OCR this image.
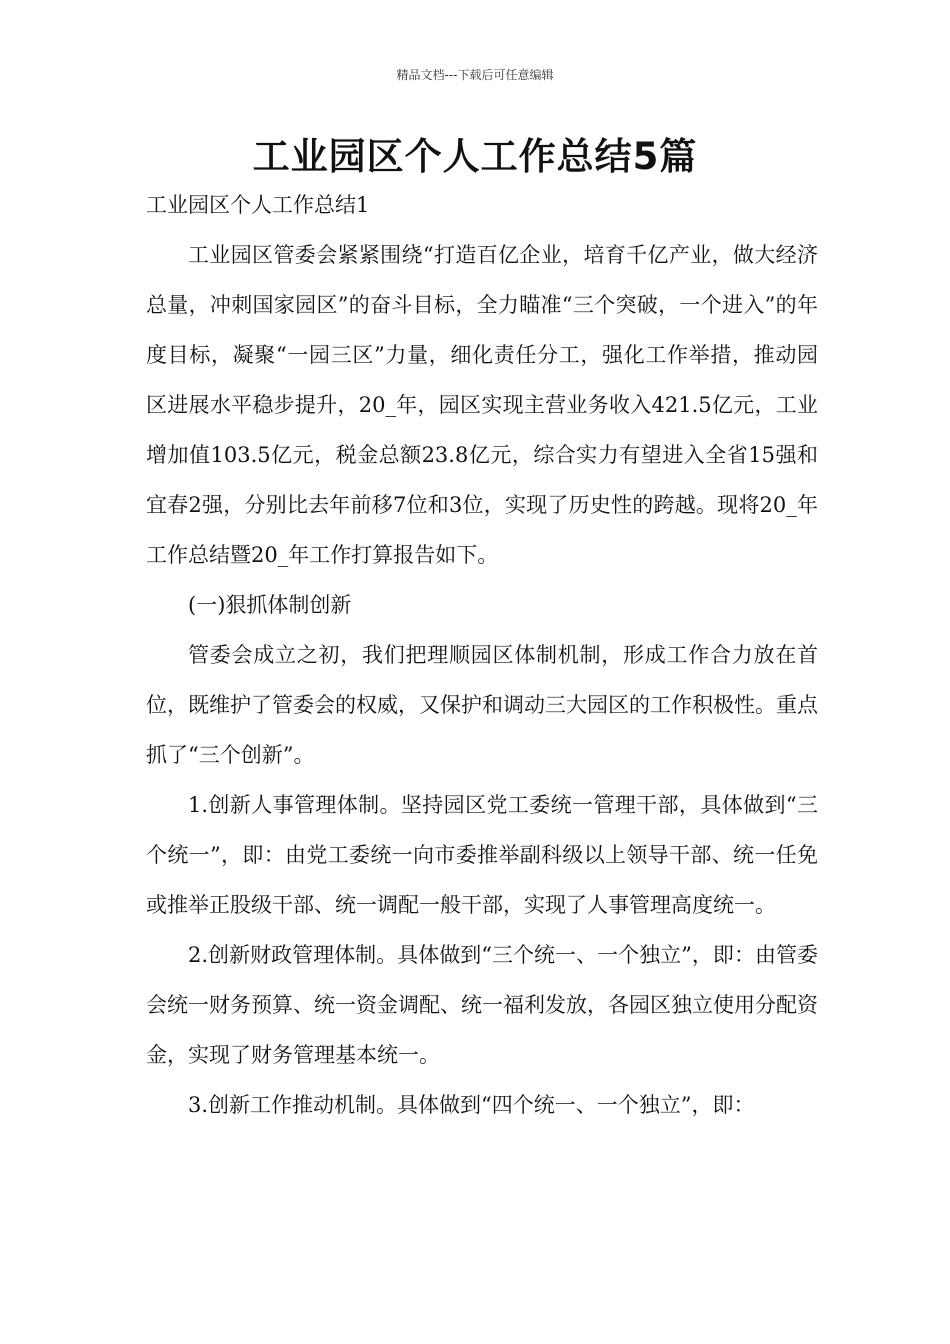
精品文档---下载后可任意编辑
工业园区个人工作总结5篇

工业园区个人工作总结1

工业园区管委会紧紧围绕“打造百亿企业，培育千亿产业，做大经济总量，冲刺国家园区”的奋斗目标，全力瞄准“三个突破，一个进入”的年度目标，凝聚“一园三区”力量，细化责任分工，强化工作举措，推动园区进展水平稳步提升，20_年，园区实现主营业务收入421.5亿元，工业增加值103.5亿元，税金总额23.8亿元，综合实力有望进入全省15强和宜春2强，分别比去年前移7位和3位，实现了历史性的跨越。现将20_年工作总结暨20_年工作打算报告如下。

(一)狠抓体制创新

管委会成立之初，我们把理顺园区体制机制，形成工作合力放在首位，既维护了管委会的权威，又保护和调动三大园区的工作积极性。重点抓了“三个创新”。

1.创新人事管理体制。坚持园区党工委统一管理干部，具体做到“三个统一”，即：由党工委统一向市委推举副科级以上领导干部、统一任免或推举正股级干部、统一调配一般干部，实现了人事管理高度统一。

2.创新财政管理体制。具体做到“三个统一、一个独立”，即：由管委会统一财务预算、统一资金调配、统一福利发放，各园区独立使用分配资金，实现了财务管理基本统一。

3.创新工作推动机制。具体做到“四个统一、一个独立”，即：
